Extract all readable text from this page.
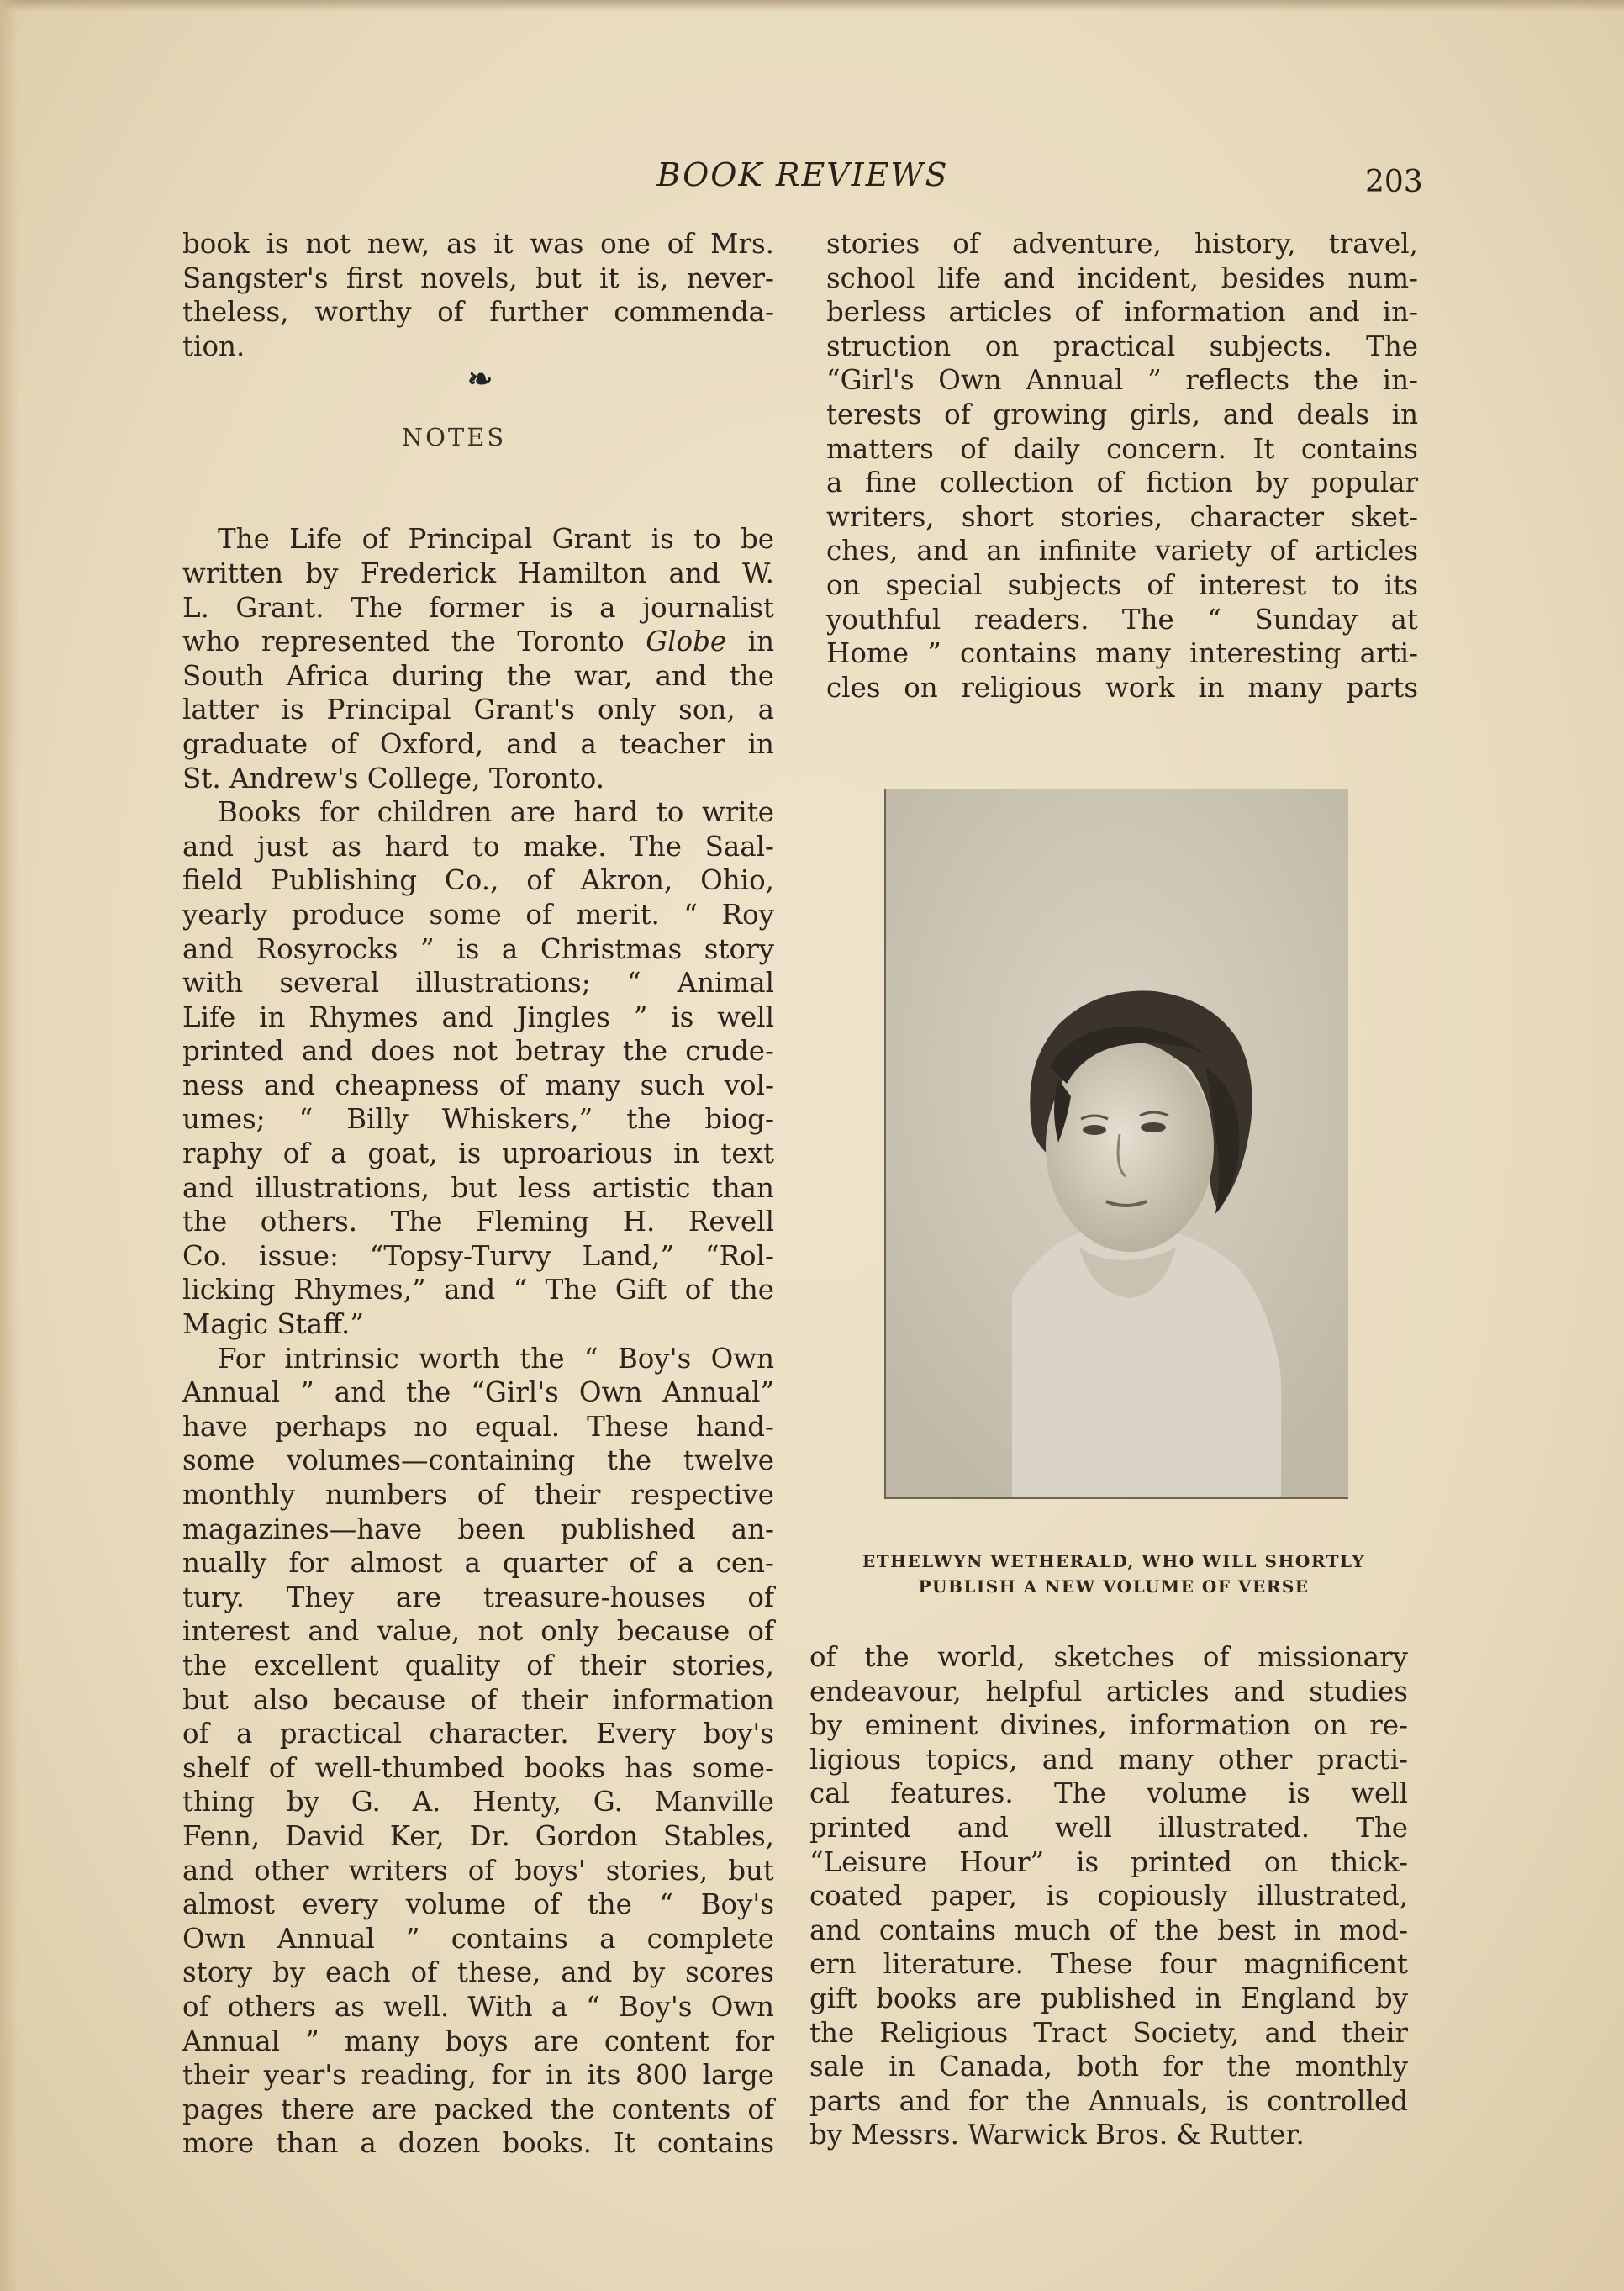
BOOK REVIEWS	203

book is not new, as it was one of Mrs.
Sangster's first novels, but it is, never-
theless, worthy of further commenda-
tion.

The Life of Principal Grant is to be
written by Frederick Hamilton and W.
L. Grant. The former is a journalist
who represented the Toronto Globe in
South Africa during the war, and the
latter is Principal Grant's only son, a
graduate of Oxford, and a teacher in
St. Andrew's College, Toronto.

Books for children are hard to write
and just as hard to make. The Saal-
field Publishing Co., of Akron, Ohio,
yearly produce some of merit. “ Roy
and Rosyrocks ” is a Christmas story
with several illustrations; “ Animal
Life in Rhymes and Jingles ” is well
printed and does not betray the crude-
ness and cheapness of many such vol-
umes; “ Billy Whiskers,” the biog-
raphy of a goat, is uproarious in text
and illustrations, but less artistic than
the others. The Fleming H. Revell
Co. issue: “Topsy-Turvy Land,” “Rol-
licking Rhymes,” and “ The Gift of the
Magic Staff.”

For intrinsic worth the “ Boy's Own
Annual ” and the “Girl's Own Annual”
have perhaps no equal. These hand-
some volumes—containing the twelve
monthly numbers of their respective
magazines—have been published an-
nually for almost a quarter of a cen-
tury. They are treasure-houses of
interest and value, not only because of
the excellent quality of their stories,
but also because of their information
of a practical character. Every boy's
shelf of well-thumbed books has some-
thing by G. A. Henty, G. Manville
Fenn, David Ker, Dr. Gordon Stables,
and other writers of boys' stories, but
almost every volume of the “ Boy's
Own Annual ” contains a complete
story by each of these, and by scores
of others as well. With a “ Boy's Own
Annual ” many boys are content for
their year's reading, for in its 800 large
pages there are packed the contents of
more than a dozen books. It contains

❧
NOTES

stories of adventure, history, travel,
school life and incident, besides num-
berless articles of information and in-
struction on practical subjects. The
“Girl's Own Annual ” reflects the in-
terests of growing girls, and deals in
matters of daily concern. It contains
a fine collection of fiction by popular
writers, short stories, character sket-
ches, and an infinite variety of articles
on special subjects of interest to its
youthful readers. The “ Sunday at
Home ” contains many interesting arti-
cles on religious work in many parts

ETHELWYN WETHERALD, WHO WILL SHORTLY
PUBLISH A NEW VOLUME OF VERSE

of the world, sketches of missionary
endeavour, helpful articles and studies
by eminent divines, information on re-
ligious topics, and many other practi-
cal features. The volume is well
printed and well illustrated. The
“Leisure Hour” is printed on thick-
coated paper, is copiously illustrated,
and contains much of the best in mod-
ern literature. These four magnificent
gift books are published in England by
the Religious Tract Society, and their
sale in Canada, both for the monthly
parts and for the Annuals, is controlled
by Messrs. Warwick Bros. & Rutter.
